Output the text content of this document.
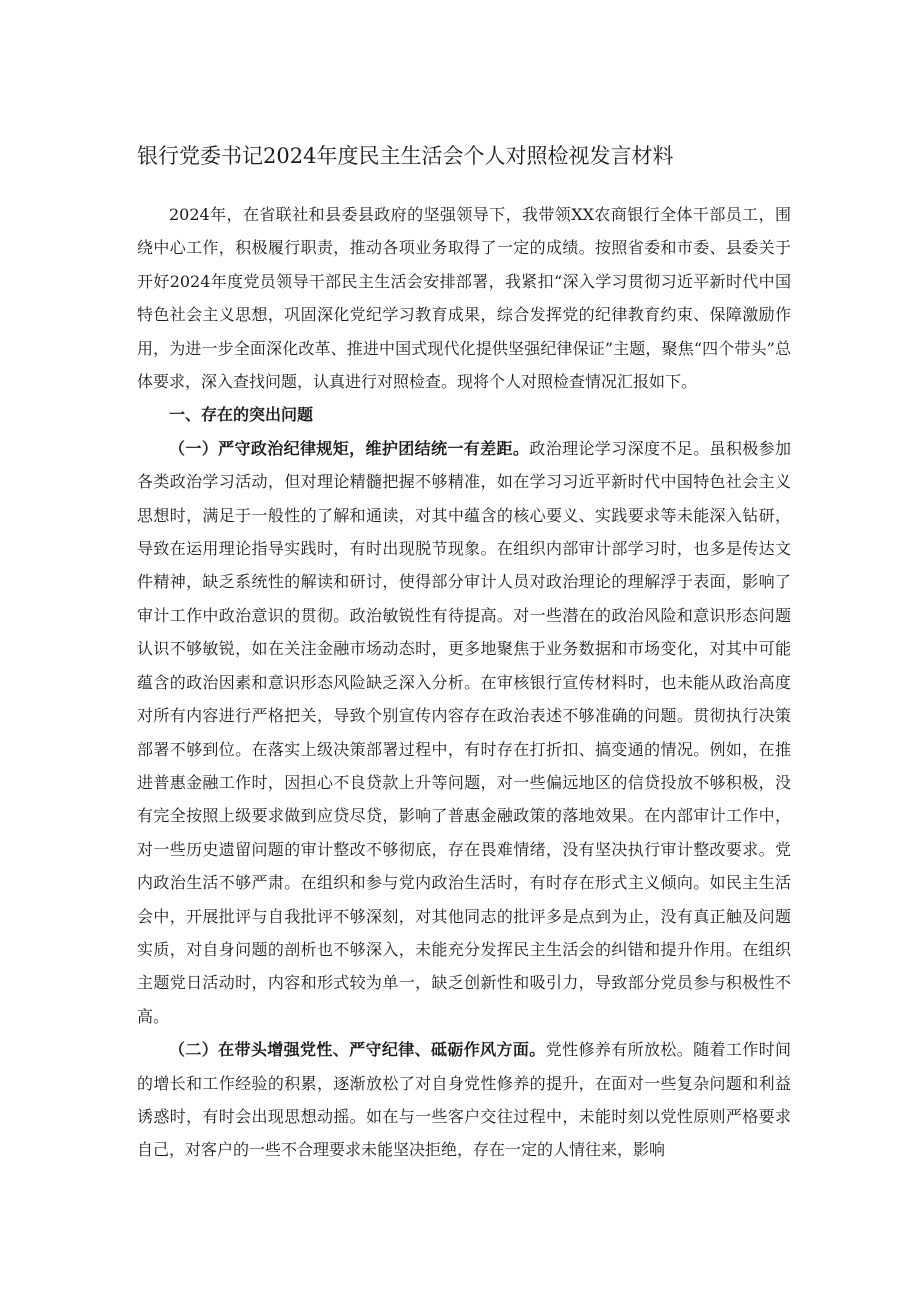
银行党委书记2024年度民主生活会个人对照检视发言材料

2024年，在省联社和县委县政府的坚强领导下，我带领XX农商银行全体干部员工，围绕中心工作，积极履行职责，推动各项业务取得了一定的成绩。按照省委和市委、县委关于开好2024年度党员领导干部民主生活会安排部署，我紧扣“深入学习贯彻习近平新时代中国特色社会主义思想，巩固深化党纪学习教育成果，综合发挥党的纪律教育约束、保障激励作用，为进一步全面深化改革、推进中国式现代化提供坚强纪律保证”主题，聚焦“四个带头”总体要求，深入查找问题，认真进行对照检查。现将个人对照检查情况汇报如下。

一、存在的突出问题

（一）严守政治纪律规矩，维护团结统一有差距。政治理论学习深度不足。虽积极参加各类政治学习活动，但对理论精髓把握不够精准，如在学习习近平新时代中国特色社会主义思想时，满足于一般性的了解和通读，对其中蕴含的核心要义、实践要求等未能深入钻研，导致在运用理论指导实践时，有时出现脱节现象。在组织内部审计部学习时，也多是传达文件精神，缺乏系统性的解读和研讨，使得部分审计人员对政治理论的理解浮于表面，影响了审计工作中政治意识的贯彻。政治敏锐性有待提高。对一些潜在的政治风险和意识形态问题认识不够敏锐，如在关注金融市场动态时，更多地聚焦于业务数据和市场变化，对其中可能蕴含的政治因素和意识形态风险缺乏深入分析。在审核银行宣传材料时，也未能从政治高度对所有内容进行严格把关，导致个别宣传内容存在政治表述不够准确的问题。贯彻执行决策部署不够到位。在落实上级决策部署过程中，有时存在打折扣、搞变通的情况。例如，在推进普惠金融工作时，因担心不良贷款上升等问题，对一些偏远地区的信贷投放不够积极，没有完全按照上级要求做到应贷尽贷，影响了普惠金融政策的落地效果。在内部审计工作中，对一些历史遗留问题的审计整改不够彻底，存在畏难情绪，没有坚决执行审计整改要求。党内政治生活不够严肃。在组织和参与党内政治生活时，有时存在形式主义倾向。如民主生活会中，开展批评与自我批评不够深刻，对其他同志的批评多是点到为止，没有真正触及问题实质，对自身问题的剖析也不够深入，未能充分发挥民主生活会的纠错和提升作用。在组织主题党日活动时，内容和形式较为单一，缺乏创新性和吸引力，导致部分党员参与积极性不高。

（二）在带头增强党性、严守纪律、砥砺作风方面。党性修养有所放松。随着工作时间的增长和工作经验的积累，逐渐放松了对自身党性修养的提升，在面对一些复杂问题和利益诱惑时，有时会出现思想动摇。如在与一些客户交往过程中，未能时刻以党性原则严格要求自己，对客户的一些不合理要求未能坚决拒绝，存在一定的人情往来，影响
